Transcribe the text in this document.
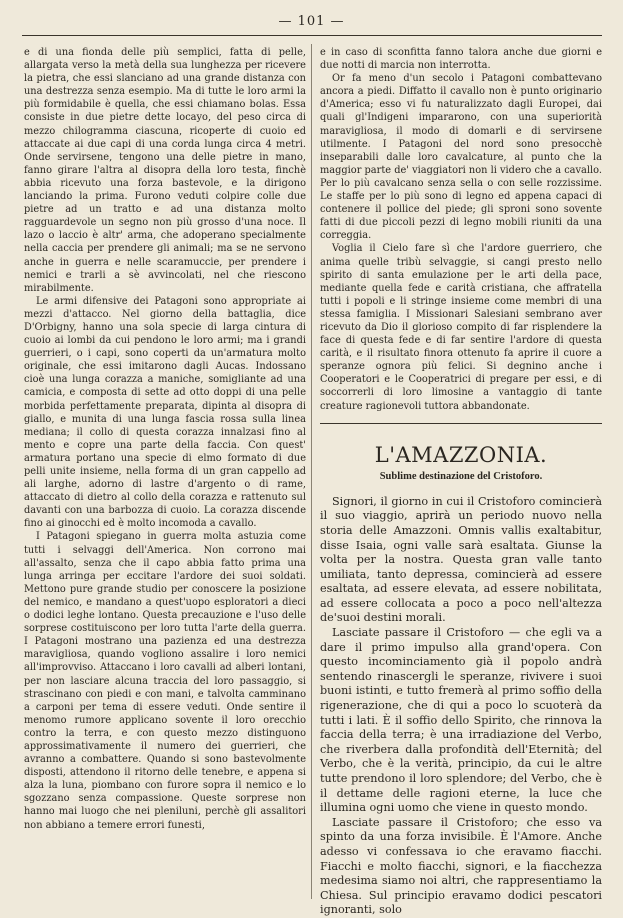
— 101 —

e di una fionda delle più semplici, fatta di pelle, allargata verso la metà della sua lunghezza per ricevere la pietra, che essi slanciano ad una grande distanza con una destrezza senza esempio. Ma di tutte le loro armi la più formidabile è quella, che essi chiamano bolas. Essa consiste in due pietre dette locayo, del peso circa di mezzo chilogramma ciascuna, ricoperte di cuoio ed attaccate ai due capi di una corda lunga circa 4 metri. Onde servirsene, tengono una delle pietre in mano, fanno girare l'altra al disopra della loro testa, finchè abbia ricevuto una forza bastevole, e la dirigono lanciando la prima. Furono veduti colpire colle due pietre ad un tratto e ad una distanza molto ragguardevole un segno non più grosso d'una noce. Il lazo o laccio è altr' arma, che adoperano specialmente nella caccia per prendere gli animali; ma se ne servono anche in guerra e nelle scaramuccie, per prendere i nemici e trarli a sè avvincolati, nel che riescono mirabilmente.

Le armi difensive dei Patagoni sono appropriate ai mezzi d'attacco. Nel giorno della battaglia, dice D'Orbigny, hanno una sola specie di larga cintura di cuoio ai lombi da cui pendono le loro armi; ma i grandi guerrieri, o i capi, sono coperti da un'armatura molto originale, che essi imitarono dagli Aucas. Indossano cioè una lunga corazza a maniche, somigliante ad una camicia, e composta di sette ad otto doppi di una pelle morbida perfettamente preparata, dipinta al disopra di giallo, e munita di una lunga fascia rossa sulla linea mediana; il collo di questa corazza innalzasi fino al mento e copre una parte della faccia. Con quest' armatura portano una specie di elmo formato di due pelli unite insieme, nella forma di un gran cappello ad ali larghe, adorno di lastre d'argento o di rame, attaccato di dietro al collo della corazza e rattenuto sul davanti con una barbozza di cuoio. La corazza discende fino ai ginocchi ed è molto incomoda a cavallo.

I Patagoni spiegano in guerra molta astuzia come tutti i selvaggi dell'America. Non corrono mai all'assalto, senza che il capo abbia fatto prima una lunga arringa per eccitare l'ardore dei suoi soldati. Mettono pure grande studio per conoscere la posizione del nemico, e mandano a quest'uopo esploratori a dieci o dodici leghe lontano. Questa precauzione e l'uso delle sorprese costituiscono per loro tutta l'arte della guerra. I Patagoni mostrano una pazienza ed una destrezza maravigliosa, quando vogliono assalire i loro nemici all'improvviso. Attaccano i loro cavalli ad alberi lontani, per non lasciare alcuna traccia del loro passaggio, si strascinano con piedi e con mani, e talvolta camminano a carponi per tema di essere veduti. Onde sentire il menomo rumore applicano sovente il loro orecchio contro la terra, e con questo mezzo distinguono approssimativamente il numero dei guerrieri, che avranno a combattere. Quando si sono bastevolmente disposti, attendono il ritorno delle tenebre, e appena si alza la luna, piombano con furore sopra il nemico e lo sgozzano senza compassione. Queste sorprese non hanno mai luogo che nei pleniluni, perchè gli assalitori non abbiano a temere errori funesti,

e in caso di sconfitta fanno talora anche due giorni e due notti di marcia non interrotta.

Or fa meno d'un secolo i Patagoni combattevano ancora a piedi. Diffatto il cavallo non è punto originario d'America; esso vi fu naturalizzato dagli Europei, dai quali gl'Indigeni impararono, con una superiorità maravigliosa, il modo di domarli e di servirsene utilmente. I Patagoni del nord sono presocchè inseparabili dalle loro cavalcature, al punto che la maggior parte de' viaggiatori non li videro che a cavallo. Per lo più cavalcano senza sella o con selle rozzissime. Le staffe per lo più sono di legno ed appena capaci di contenere il pollice del piede; gli sproni sono sovente fatti di due piccoli pezzi di legno mobili riuniti da una correggia.

Voglia il Cielo fare sì che l'ardore guerriero, che anima quelle tribù selvaggie, si cangi presto nello spirito di santa emulazione per le arti della pace, mediante quella fede e carità cristiana, che affratella tutti i popoli e li stringe insieme come membri di una stessa famiglia. I Missionari Salesiani sembrano aver ricevuto da Dio il glorioso compito di far risplendere la face di questa fede e di far sentire l'ardore di questa carità, e il risultato finora ottenuto fa aprire il cuore a speranze ognora più felici. Si degnino anche i Cooperatori e le Cooperatrici di pregare per essi, e di soccorrerli di loro limosine a vantaggio di tante creature ragionevoli tuttora abbandonate.

L'AMAZZONIA.
Sublime destinazione del Cristoforo.

Signori, il giorno in cui il Cristoforo comincierà il suo viaggio, aprirà un periodo nuovo nella storia delle Amazzoni. Omnis vallis exaltabitur, disse Isaia, ogni valle sarà esaltata. Giunse la volta per la nostra. Questa gran valle tanto umiliata, tanto depressa, comincierà ad essere esaltata, ad essere elevata, ad essere nobilitata, ad essere collocata a poco a poco nell'altezza de'suoi destini morali.

Lasciate passare il Cristoforo — che egli va a dare il primo impulso alla grand'opera. Con questo incominciamento già il popolo andrà sentendo rinascergli le speranze, rivivere i suoi buoni istinti, e tutto fremerà al primo soffio della rigenerazione, che di qui a poco lo scuoterà da tutti i lati. È il soffio dello Spirito, che rinnova la faccia della terra; è una irradiazione del Verbo, che riverbera dalla profondità dell'Eternità; del Verbo, che è la verità, principio, da cui le altre tutte prendono il loro splendore; del Verbo, che è il dettame delle ragioni eterne, la luce che illumina ogni uomo che viene in questo mondo.

Lasciate passare il Cristoforo; che esso va spinto da una forza invisibile. È l'Amore. Anche adesso vi confessava io che eravamo fiacchi. Fiacchi e molto fiacchi, signori, e la fiacchezza medesima siamo noi altri, che rappresentiamo la Chiesa. Sul principio eravamo dodici pescatori ignoranti, solo
